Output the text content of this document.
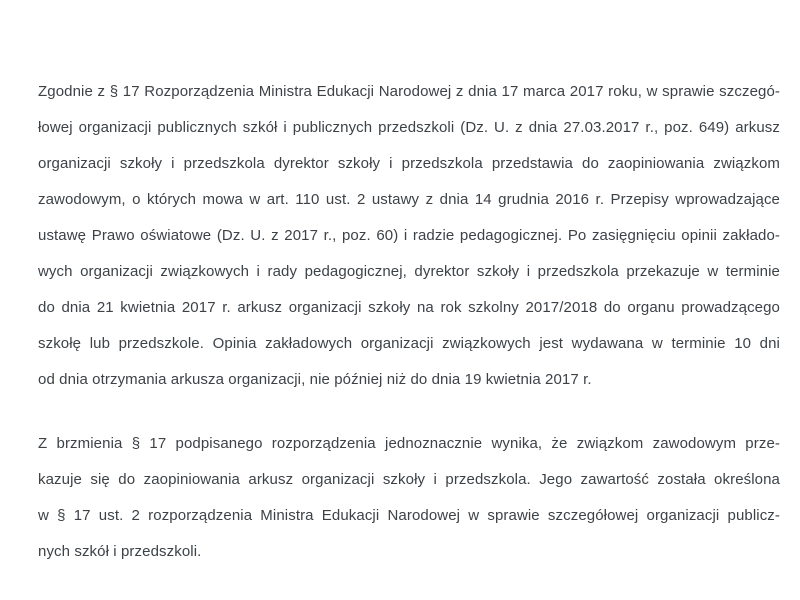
Zgodnie z § 17 Rozporządzenia Ministra Edukacji Narodowej z dnia 17 marca 2017 roku, w sprawie szczegó-
łowej organizacji publicznych szkół i publicznych przedszkoli (Dz. U. z dnia 27.03.2017 r., poz. 649) arkusz
organizacji szkoły i przedszkola dyrektor szkoły i przedszkola przedstawia do zaopiniowania związkom
zawodowym, o których mowa w art. 110 ust. 2 ustawy z dnia 14 grudnia 2016 r. Przepisy wprowadzające
ustawę Prawo oświatowe (Dz. U. z 2017 r., poz. 60) i radzie pedagogicznej. Po zasięgnięciu opinii zakłado-
wych organizacji związkowych i rady pedagogicznej, dyrektor szkoły i przedszkola przekazuje w terminie
do dnia 21 kwietnia 2017 r. arkusz organizacji szkoły na rok szkolny 2017/2018 do organu prowadzącego
szkołę lub przedszkole. Opinia zakładowych organizacji związkowych jest wydawana w terminie 10 dni
od dnia otrzymania arkusza organizacji, nie później niż do dnia 19 kwietnia 2017 r.
Z brzmienia § 17 podpisanego rozporządzenia jednoznacznie wynika, że związkom zawodowym prze-
kazuje się do zaopiniowania arkusz organizacji szkoły i przedszkola. Jego zawartość została określona
w § 17 ust. 2 rozporządzenia Ministra Edukacji Narodowej w sprawie szczegółowej organizacji publicz-
nych szkół i przedszkoli.
